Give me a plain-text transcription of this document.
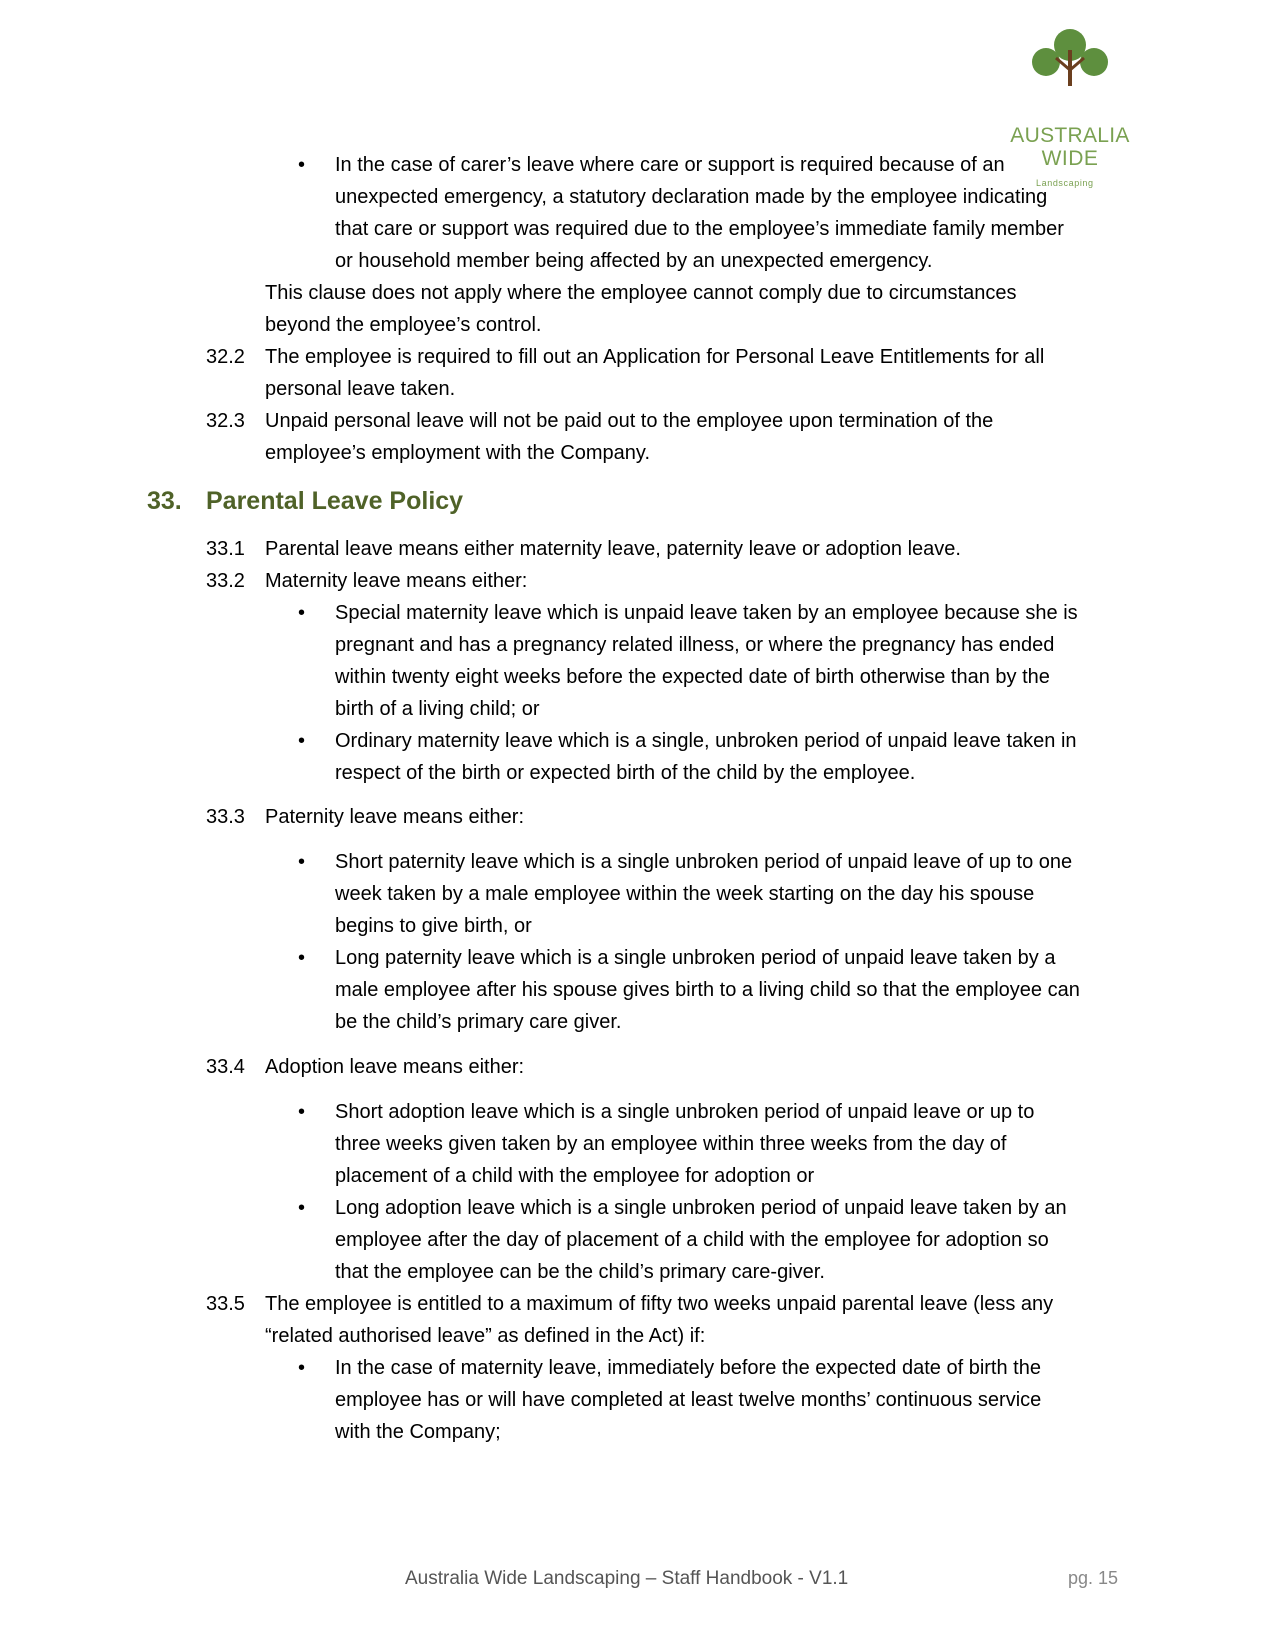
AUSTRALIA
WIDE
Landscaping
• In the case of carer’s leave where care or support is required because of an
unexpected emergency, a statutory declaration made by the employee indicating
that care or support was required due to the employee’s immediate family member
or household member being affected by an unexpected emergency.
This clause does not apply where the employee cannot comply due to circumstances
beyond the employee’s control.
32.2 The employee is required to fill out an Application for Personal Leave Entitlements for all
personal leave taken.
32.3 Unpaid personal leave will not be paid out to the employee upon termination of the
employee’s employment with the Company.
33. Parental Leave Policy
33.1 Parental leave means either maternity leave, paternity leave or adoption leave.
33.2 Maternity leave means either:
• Special maternity leave which is unpaid leave taken by an employee because she is
pregnant and has a pregnancy related illness, or where the pregnancy has ended
within twenty eight weeks before the expected date of birth otherwise than by the
birth of a living child; or
• Ordinary maternity leave which is a single, unbroken period of unpaid leave taken in
respect of the birth or expected birth of the child by the employee.
33.3 Paternity leave means either:
• Short paternity leave which is a single unbroken period of unpaid leave of up to one
week taken by a male employee within the week starting on the day his spouse
begins to give birth, or
• Long paternity leave which is a single unbroken period of unpaid leave taken by a
male employee after his spouse gives birth to a living child so that the employee can
be the child’s primary care giver.
33.4 Adoption leave means either:
• Short adoption leave which is a single unbroken period of unpaid leave or up to
three weeks given taken by an employee within three weeks from the day of
placement of a child with the employee for adoption or
• Long adoption leave which is a single unbroken period of unpaid leave taken by an
employee after the day of placement of a child with the employee for adoption so
that the employee can be the child’s primary care-giver.
33.5 The employee is entitled to a maximum of fifty two weeks unpaid parental leave (less any
“related authorised leave” as defined in the Act) if:
• In the case of maternity leave, immediately before the expected date of birth the
employee has or will have completed at least twelve months’ continuous service
with the Company;
Australia Wide Landscaping – Staff Handbook - V1.1	pg. 15
